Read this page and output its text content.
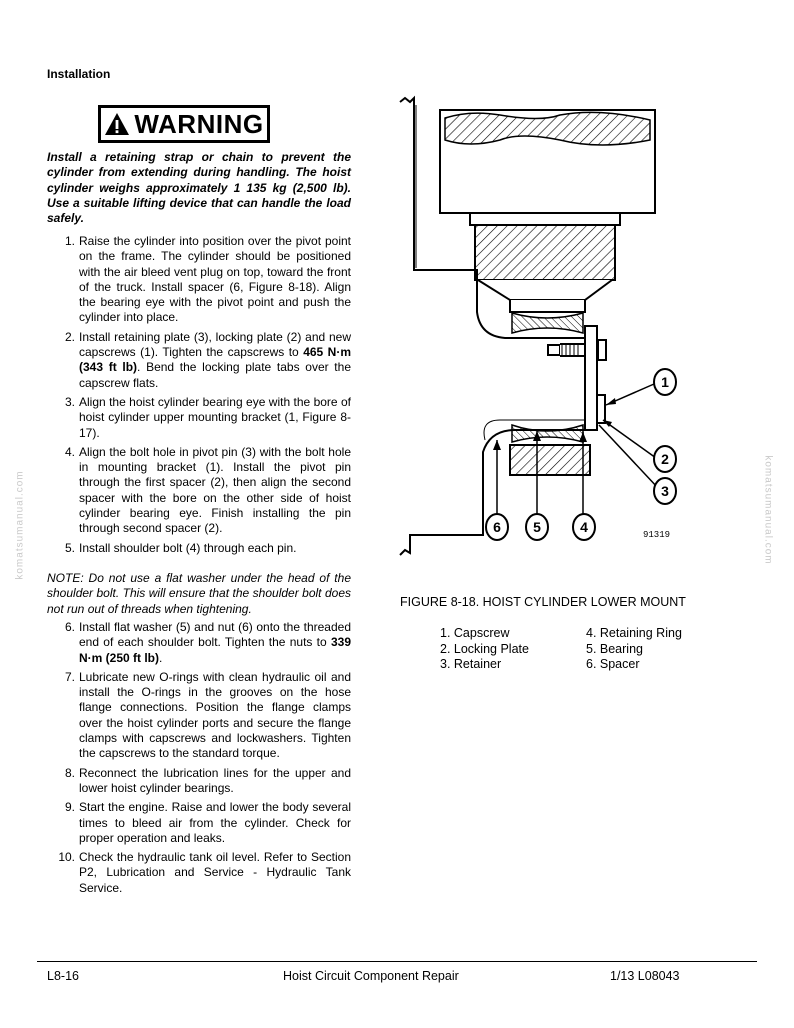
Installation
WARNING
Install a retaining strap or chain to prevent the cylinder from extending during handling. The hoist cylinder weighs approximately 1 135 kg (2,500 lb). Use a suitable lifting device that can handle the load safely.
1. Raise the cylinder into position over the pivot point on the frame. The cylinder should be positioned with the air bleed vent plug on top, toward the front of the truck. Install spacer (6, Figure 8-18). Align the bearing eye with the pivot point and push the cylinder into place.
2. Install retaining plate (3), locking plate (2) and new capscrews (1). Tighten the capscrews to 465 N·m (343 ft lb). Bend the locking plate tabs over the capscrew flats.
3. Align the hoist cylinder bearing eye with the bore of hoist cylinder upper mounting bracket (1, Figure 8-17).
4. Align the bolt hole in pivot pin (3) with the bolt hole in mounting bracket (1). Install the pivot pin through the first spacer (2), then align the second spacer with the bore on the other side of hoist cylinder bearing eye. Finish installing the pin through second spacer (2).
5. Install shoulder bolt (4) through each pin.
NOTE: Do not use a flat washer under the head of the shoulder bolt. This will ensure that the shoulder bolt does not run out of threads when tightening.
6. Install flat washer (5) and nut (6) onto the threaded end of each shoulder bolt. Tighten the nuts to 339 N·m (250 ft lb).
7. Lubricate new O-rings with clean hydraulic oil and install the O-rings in the grooves on the hose flange connections. Position the flange clamps over the hoist cylinder ports and secure the flange clamps with capscrews and lockwashers. Tighten the capscrews to the standard torque.
8. Reconnect the lubrication lines for the upper and lower hoist cylinder bearings.
9. Start the engine. Raise and lower the body several times to bleed air from the cylinder. Check for proper operation and leaks.
10. Check the hydraulic tank oil level. Refer to Section P2, Lubrication and Service - Hydraulic Tank Service.
1
2
3
6 5	4	91319
FIGURE 8-18. HOIST CYLINDER LOWER MOUNT
1. Capscrew	4. Retaining Ring
2. Locking Plate	5. Bearing
3. Retainer	6. Spacer
komatsumanual.com	komatsumanual.com
L8-16	Hoist Circuit Component Repair	1/13 L08043
